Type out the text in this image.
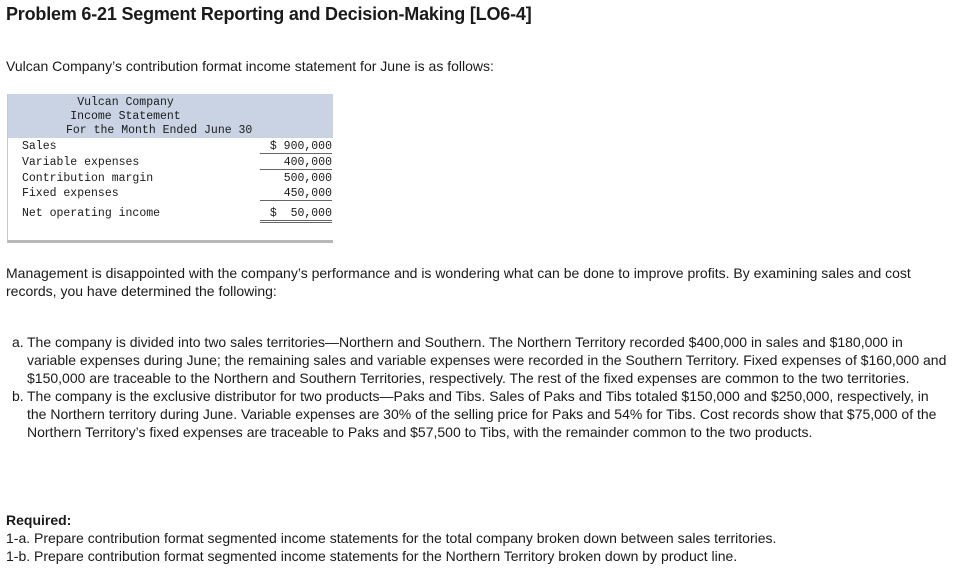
Problem 6-21 Segment Reporting and Decision-Making [LO6-4]

Vulcan Company’s contribution format income statement for June is as follows:

Vulcan Company
Income Statement
For the Month Ended June 30
Sales	$ 900,000
Variable expenses	400,000
Contribution margin	500,000
Fixed expenses	450,000
Net operating income	$  50,000

Management is disappointed with the company’s performance and is wondering what can be done to improve profits. By examining sales and cost records, you have determined the following:

a. The company is divided into two sales territories—Northern and Southern. The Northern Territory recorded $400,000 in sales and $180,000 in variable expenses during June; the remaining sales and variable expenses were recorded in the Southern Territory. Fixed expenses of $160,000 and $150,000 are traceable to the Northern and Southern Territories, respectively. The rest of the fixed expenses are common to the two territories.
b. The company is the exclusive distributor for two products—Paks and Tibs. Sales of Paks and Tibs totaled $150,000 and $250,000, respectively, in the Northern territory during June. Variable expenses are 30% of the selling price for Paks and 54% for Tibs. Cost records show that $75,000 of the Northern Territory’s fixed expenses are traceable to Paks and $57,500 to Tibs, with the remainder common to the two products.
Required:
1-a. Prepare contribution format segmented income statements for the total company broken down between sales territories.
1-b. Prepare contribution format segmented income statements for the Northern Territory broken down by product line.
